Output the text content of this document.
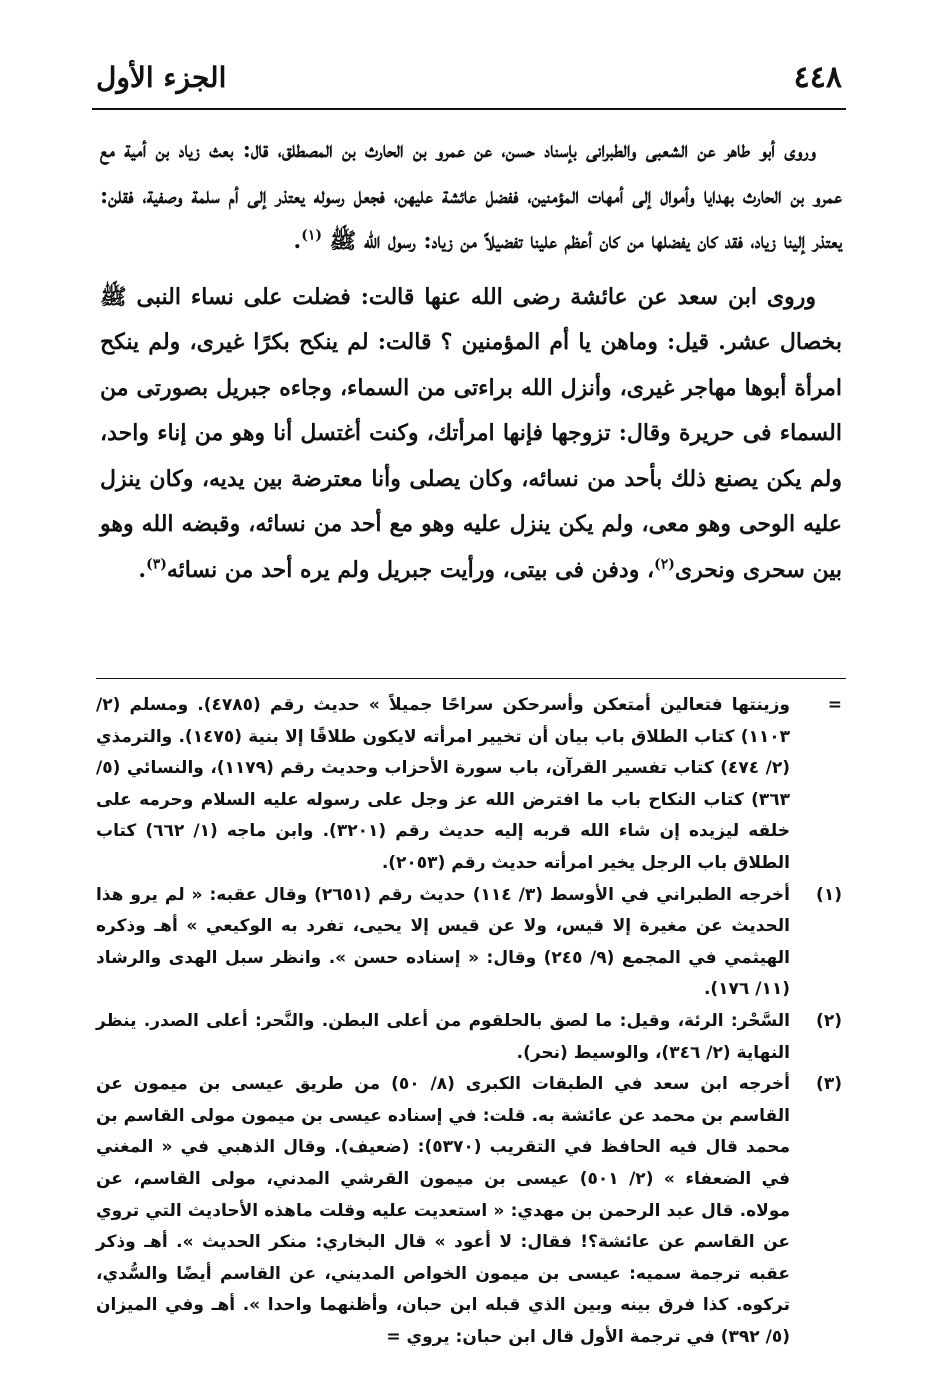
٤٤٨
الجزء الأول

وروى أبو طاهر عن الشعبى والطبرانى بإسناد حسن، عن عمرو بن الحارث بن المصطلق، قال: بعث زياد بن أمية مع عمرو بن الحارث بهدايا وأموال إلى أمهات المؤمنين، ففضل عائشة عليهن، فجعل رسوله يعتذر إلى أم سلمة وصفية، فقلن: يعتذر إلينا زياد، فقد كان يفضلها من كان أعظم علينا تفضيلاً من زياد: رسول الله ﷺ $^{(١)}$.

وروى ابن سعد عن عائشة رضى الله عنها قالت: فضلت على نساء النبى ﷺ بخصال عشر. قيل: وماهن يا أم المؤمنين ؟ قالت: لم ينكح بكرًا غيرى، ولم ينكح امرأة أبوها مهاجر غيرى، وأنزل الله براءتى من السماء، وجاءه جبريل بصورتى من السماء فى حريرة وقال: تزوجها فإنها امرأتك، وكنت أغتسل أنا وهو من إناء واحد، ولم يكن يصنع ذلك بأحد من نسائه، وكان يصلى وأنا معترضة بين يديه، وكان ينزل عليه الوحى وهو معى، ولم يكن ينزل عليه وهو مع أحد من نسائه، وقبضه الله وهو بين سحرى ونحرى$^{(٢)}$، ودفن فى بيتى، ورأيت جبريل ولم يره أحد من نسائه$^{(٣)}$.

=
وزينتها فتعالين أمتعكن وأسرحكن سراحًا جميلاً » حديث رقم (٤٧٨٥). ومسلم (٢/ ١١٠٣) كتاب الطلاق باب بيان أن تخيير امرأته لايكون طلاقًا إلا بنية (١٤٧٥). والترمذي (٢/ ٤٧٤) كتاب تفسير القرآن، باب سورة الأحزاب وحديث رقم (١١٧٩)، والنسائي (٥/ ٣٦٣) كتاب النكاح باب ما افترض الله عز وجل على رسوله عليه السلام وحرمه على خلقه ليزيده إن شاء الله قربه إليه حديث رقم (٣٢٠١). وابن ماجه (١/ ٦٦٢) كتاب الطلاق باب الرجل يخير امرأته حديث رقم (٢٠٥٣).
(١)
أخرجه الطبراني في الأوسط (٣/ ١١٤) حديث رقم (٢٦٥١) وقال عقبه: « لم يرو هذا الحديث عن مغيرة إلا قيس، ولا عن قيس إلا يحيى، تفرد به الوكيعي » أهـ وذكره الهيثمي في المجمع (٩/ ٢٤٥) وقال: « إسناده حسن ». وانظر سبل الهدى والرشاد (١١/ ١٧٦).
(٢)
السَّحْر: الرئة، وقيل: ما لصق بالحلقوم من أعلى البطن. والنَّحر: أعلى الصدر. ينظر النهاية (٢/ ٣٤٦)، والوسيط (نحر).
(٣)
أخرجه ابن سعد في الطبقات الكبرى (٨/ ٥٠) من طريق عيسى بن ميمون عن القاسم بن محمد عن عائشة به. قلت: في إسناده عيسى بن ميمون مولى القاسم بن محمد قال فيه الحافظ في التقريب (٥٣٧٠): (ضعيف). وقال الذهبي في « المغني في الضعفاء » (٢/ ٥٠١) عيسى بن ميمون القرشي المدني، مولى القاسم، عن مولاه. قال عبد الرحمن بن مهدي: « استعديت عليه وقلت ماهذه الأحاديث التي تروي عن القاسم عن عائشة؟! فقال: لا أعود » قال البخاري: منكر الحديث ». أهـ وذكر عقبه ترجمة سميه: عيسى بن ميمون الخواص المديني، عن القاسم أيضًا والسُّدي، تركوه. كذا فرق بينه وبين الذي قبله ابن حبان، وأظنهما واحدا ». أهـ وفي الميزان (٥/ ٣٩٢) في ترجمة الأول قال ابن حبان: يروي =
